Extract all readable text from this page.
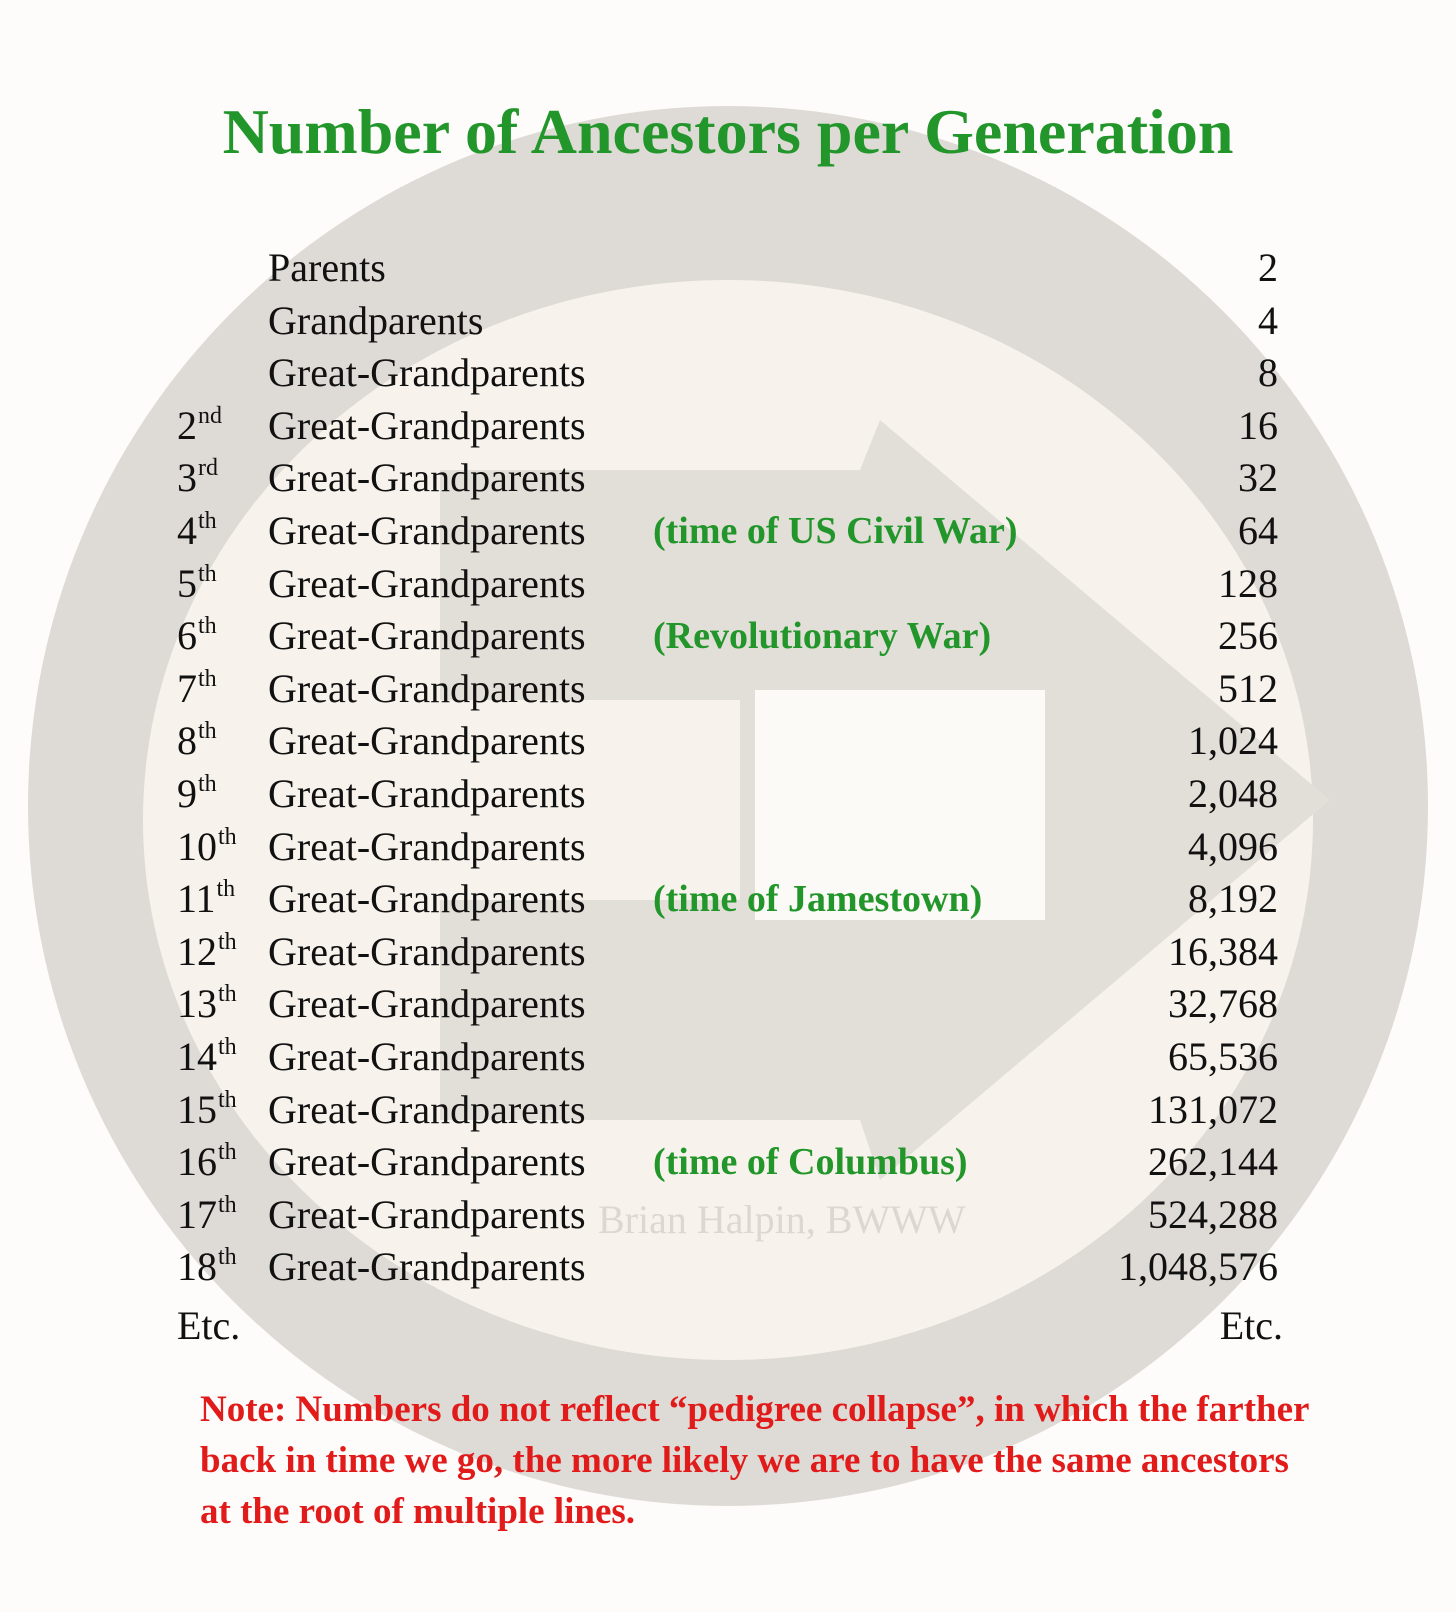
Brian Halpin, BWWW
Number of Ancestors per Generation
Parents	2
Grandparents	4
Great-Grandparents	8
2nd Great-Grandparents	16
3rd Great-Grandparents	32
4th Great-Grandparents (time of US Civil War)	64
5th Great-Grandparents	128
6th Great-Grandparents (Revolutionary War)	256
7th Great-Grandparents	512
8th Great-Grandparents	1,024
9th Great-Grandparents	2,048
10th Great-Grandparents	4,096
11th Great-Grandparents (time of Jamestown)	8,192
12th Great-Grandparents	16,384
13th Great-Grandparents	32,768
14th Great-Grandparents	65,536
15th Great-Grandparents	131,072
16th Great-Grandparents (time of Columbus)	262,144
17th Great-Grandparents	524,288
18th Great-Grandparents	1,048,576
Etc.	Etc.
Note: Numbers do not reflect “pedigree collapse”, in which the farther back in time we go, the more likely we are to have the same ancestors at the root of multiple lines.
